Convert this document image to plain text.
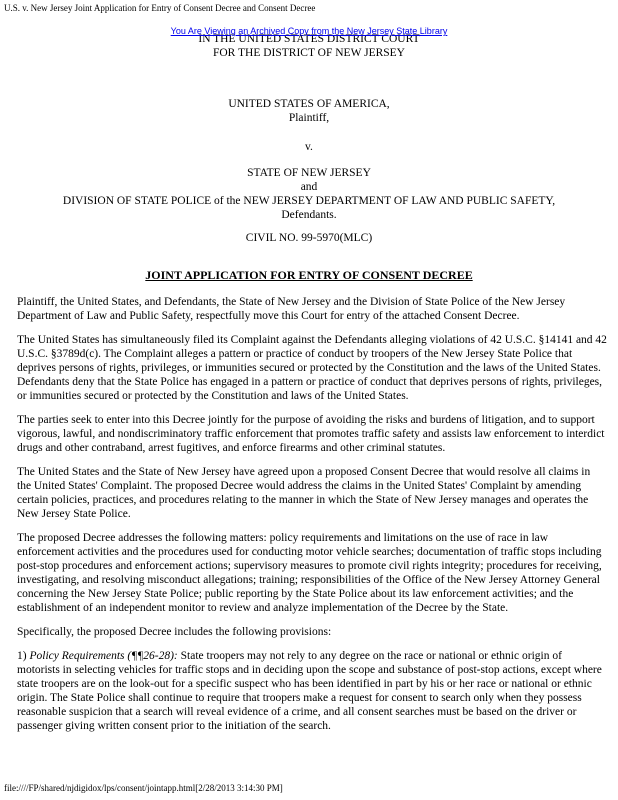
U.S. v. New Jersey Joint Application for Entry of Consent Decree and Consent Decree
IN THE UNITED STATES DISTRICT COURT
FOR THE DISTRICT OF NEW JERSEY
You Are Viewing an Archived Copy from the New Jersey State Library
UNITED STATES OF AMERICA,
Plaintiff,
v.
STATE OF NEW JERSEY
and
DIVISION OF STATE POLICE of the NEW JERSEY DEPARTMENT OF LAW AND PUBLIC SAFETY,
Defendants.
CIVIL NO. 99-5970(MLC)
JOINT APPLICATION FOR ENTRY OF CONSENT DECREE

Plaintiff, the United States, and Defendants, the State of New Jersey and the Division of State Police of the New Jersey Department of Law and Public Safety, respectfully move this Court for entry of the attached Consent Decree.

The United States has simultaneously filed its Complaint against the Defendants alleging violations of 42 U.S.C. §14141 and 42 U.S.C. §3789d(c). The Complaint alleges a pattern or practice of conduct by troopers of the New Jersey State Police that deprives persons of rights, privileges, or immunities secured or protected by the Constitution and the laws of the United States. Defendants deny that the State Police has engaged in a pattern or practice of conduct that deprives persons of rights, privileges, or immunities secured or protected by the Constitution and laws of the United States.

The parties seek to enter into this Decree jointly for the purpose of avoiding the risks and burdens of litigation, and to support vigorous, lawful, and nondiscriminatory traffic enforcement that promotes traffic safety and assists law enforcement to interdict drugs and other contraband, arrest fugitives, and enforce firearms and other criminal statutes.

The United States and the State of New Jersey have agreed upon a proposed Consent Decree that would resolve all claims in the United States' Complaint. The proposed Decree would address the claims in the United States' Complaint by amending certain policies, practices, and procedures relating to the manner in which the State of New Jersey manages and operates the New Jersey State Police.

The proposed Decree addresses the following matters: policy requirements and limitations on the use of race in law enforcement activities and the procedures used for conducting motor vehicle searches; documentation of traffic stops including post-stop procedures and enforcement actions; supervisory measures to promote civil rights integrity; procedures for receiving, investigating, and resolving misconduct allegations; training; responsibilities of the Office of the New Jersey Attorney General concerning the New Jersey State Police; public reporting by the State Police about its law enforcement activities; and the establishment of an independent monitor to review and analyze implementation of the Decree by the State.

Specifically, the proposed Decree includes the following provisions:

1) Policy Requirements (¶¶26-28): State troopers may not rely to any degree on the race or national or ethnic origin of motorists in selecting vehicles for traffic stops and in deciding upon the scope and substance of post-stop actions, except where state troopers are on the look-out for a specific suspect who has been identified in part by his or her race or national or ethnic origin. The State Police shall continue to require that troopers make a request for consent to search only when they possess reasonable suspicion that a search will reveal evidence of a crime, and all consent searches must be based on the driver or passenger giving written consent prior to the initiation of the search.

file:////FP/shared/njdigidox/lps/consent/jointapp.html[2/28/2013 3:14:30 PM]
